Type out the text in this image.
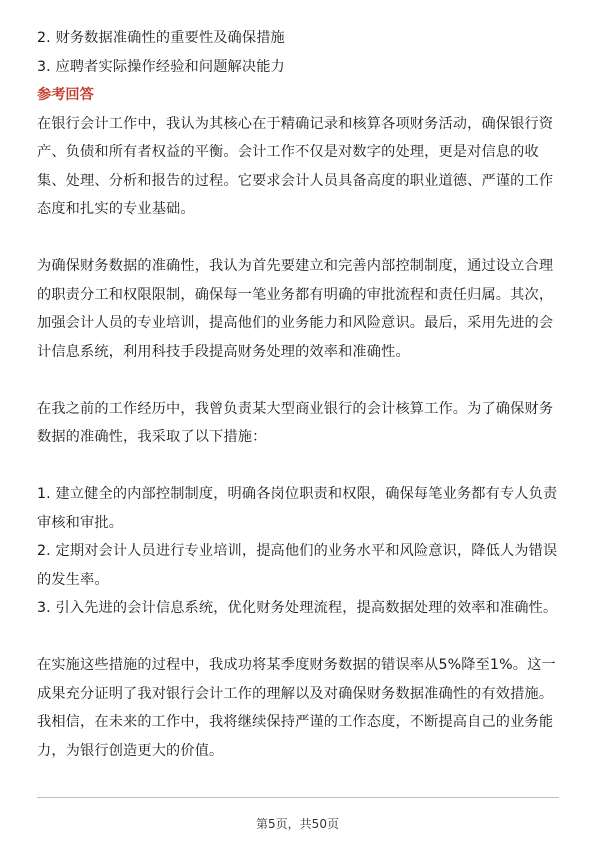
2. 财务数据准确性的重要性及确保措施
3. 应聘者实际操作经验和问题解决能力
参考回答
在银行会计工作中，我认为其核心在于精确记录和核算各项财务活动，确保银行资
产、负债和所有者权益的平衡。会计工作不仅是对数字的处理，更是对信息的收
集、处理、分析和报告的过程。它要求会计人员具备高度的职业道德、严谨的工作
态度和扎实的专业基础。
为确保财务数据的准确性，我认为首先要建立和完善内部控制制度，通过设立合理
的职责分工和权限限制，确保每一笔业务都有明确的审批流程和责任归属。其次，
加强会计人员的专业培训，提高他们的业务能力和风险意识。最后，采用先进的会
计信息系统，利用科技手段提高财务处理的效率和准确性。
在我之前的工作经历中，我曾负责某大型商业银行的会计核算工作。为了确保财务
数据的准确性，我采取了以下措施：
1. 建立健全的内部控制制度，明确各岗位职责和权限，确保每笔业务都有专人负责
审核和审批。
2. 定期对会计人员进行专业培训，提高他们的业务水平和风险意识，降低人为错误
的发生率。
3. 引入先进的会计信息系统，优化财务处理流程，提高数据处理的效率和准确性。
在实施这些措施的过程中，我成功将某季度财务数据的错误率从5%降至1%。这一
成果充分证明了我对银行会计工作的理解以及对确保财务数据准确性的有效措施。
我相信，在未来的工作中，我将继续保持严谨的工作态度，不断提高自己的业务能
力，为银行创造更大的价值。
第5页，共50页
